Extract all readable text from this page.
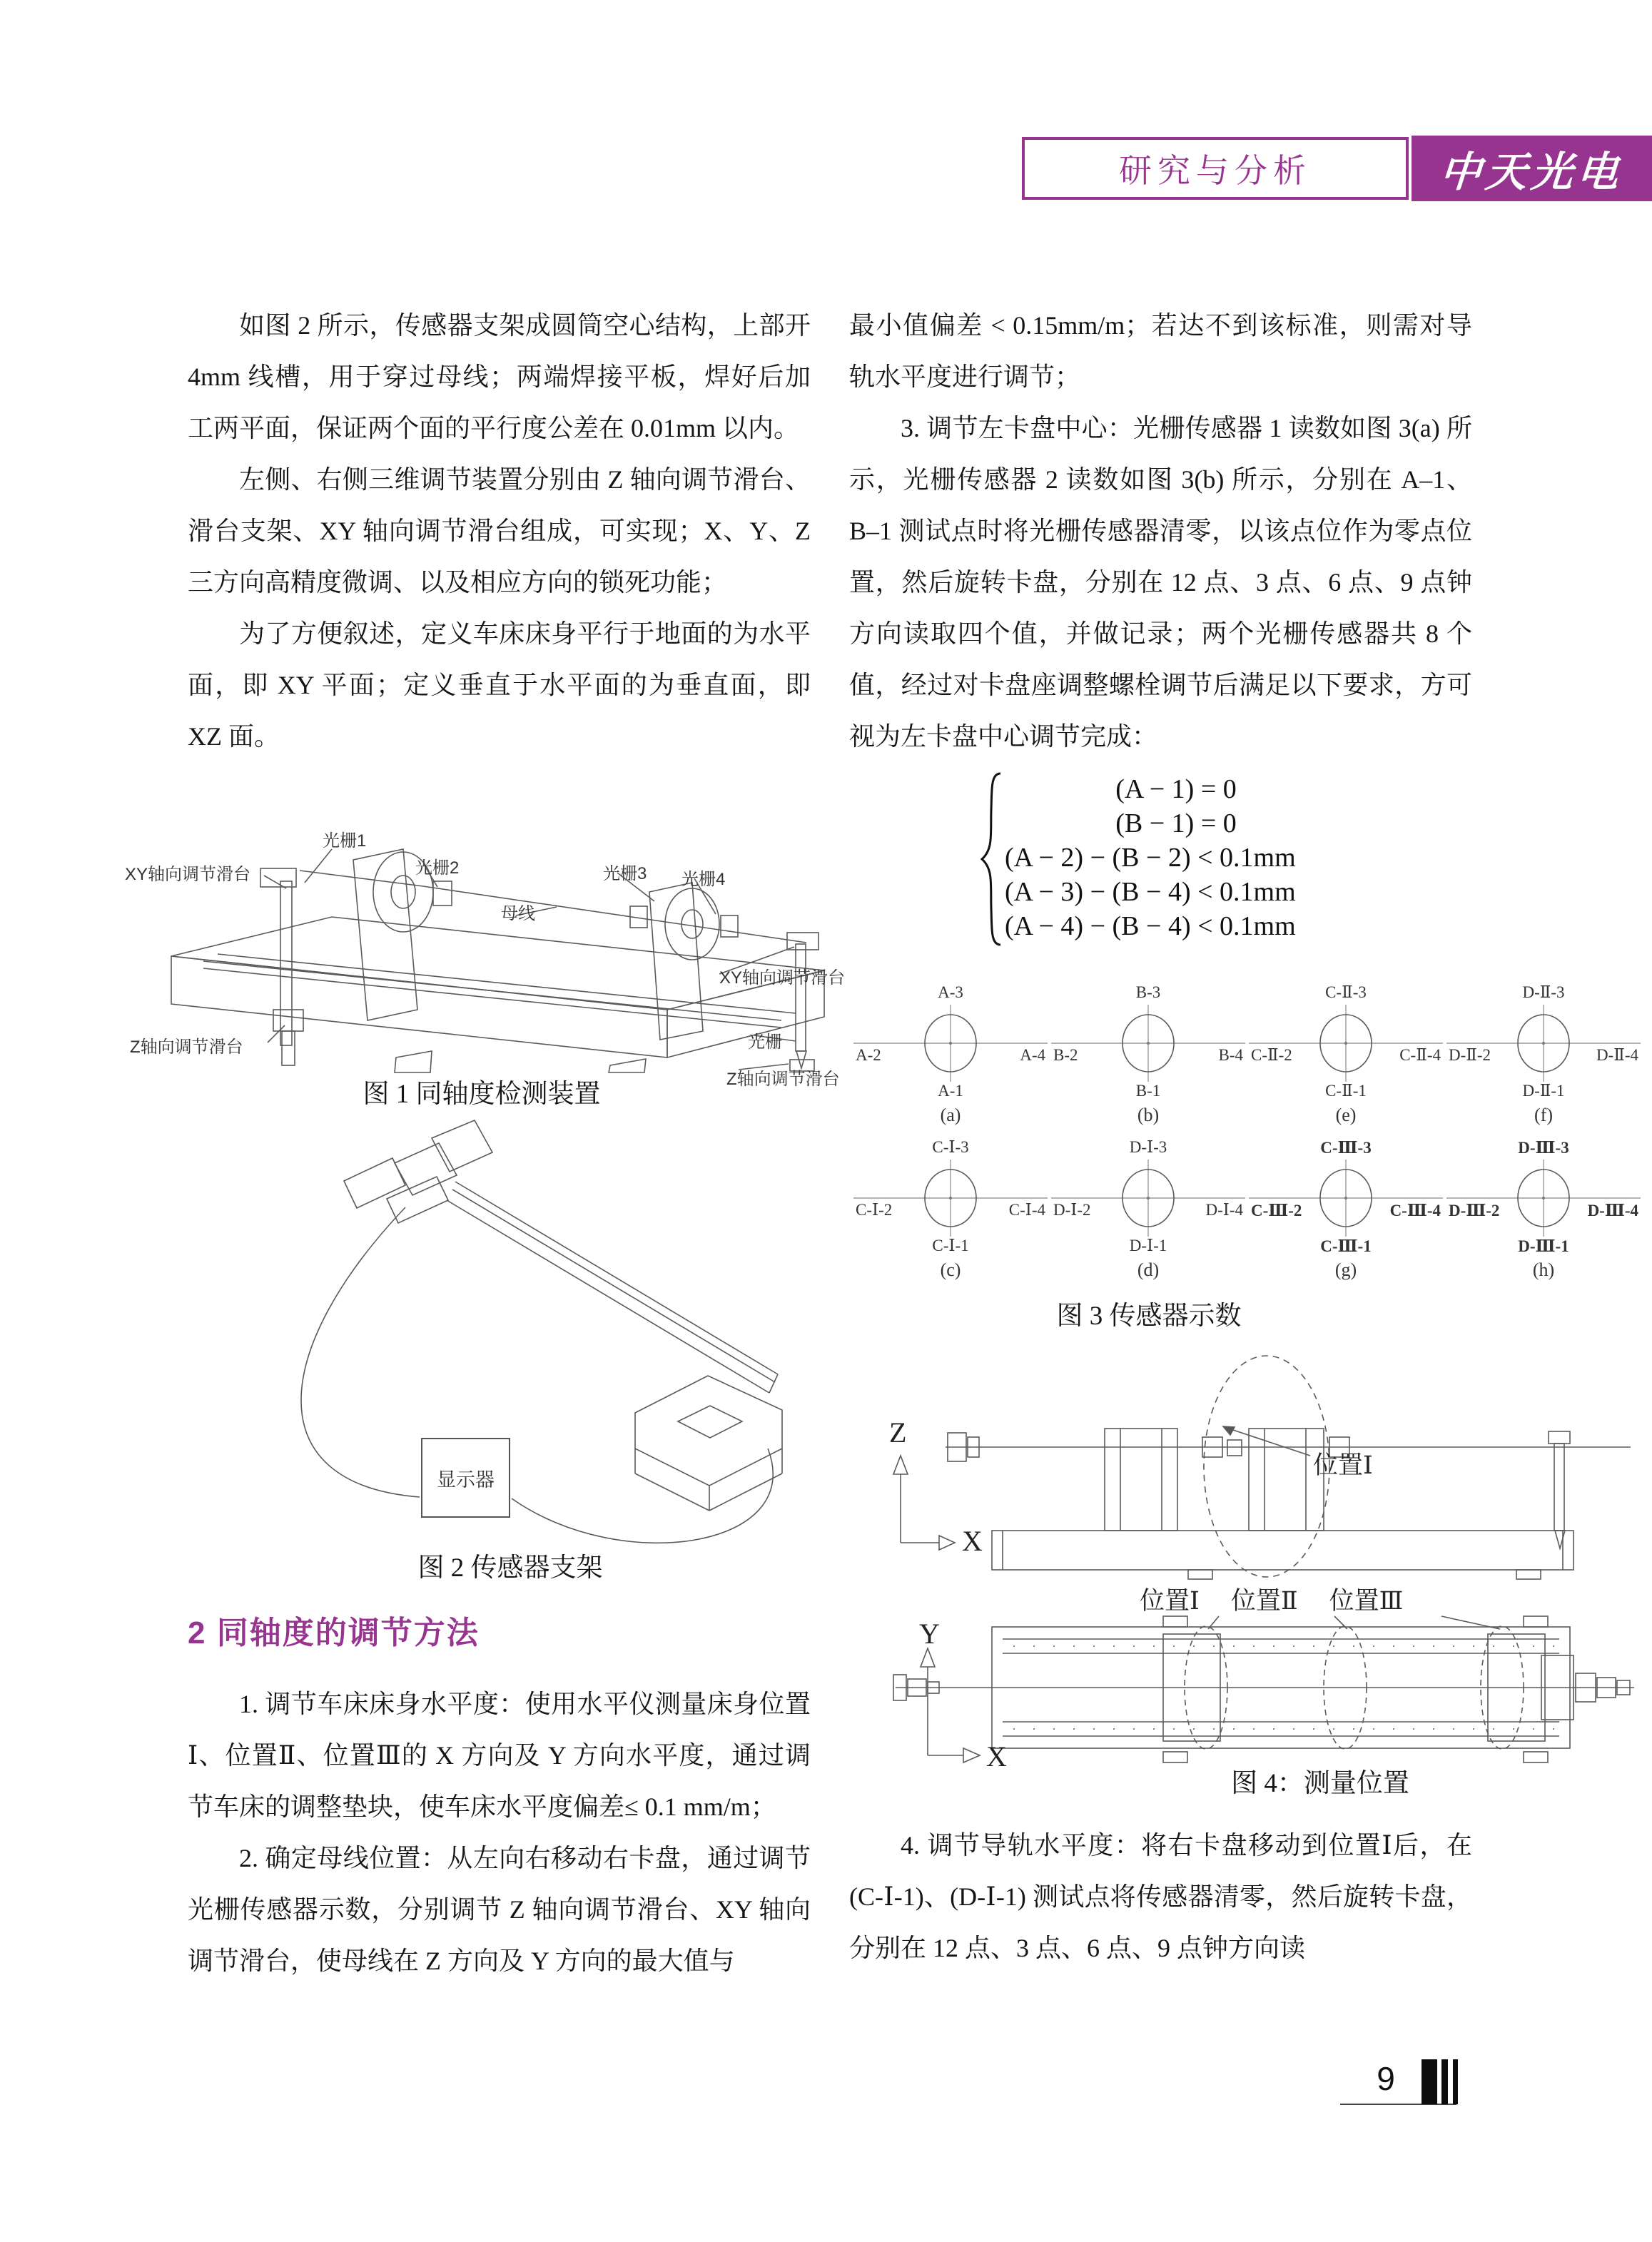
研究与分析	中天光电

如图 2 所示，传感器支架成圆筒空心结构，上部开 4mm 线槽，用于穿过母线；两端焊接平板，焊好后加工两平面，保证两个面的平行度公差在 0.01mm 以内。

左侧、右侧三维调节装置分别由 Z 轴向调节滑台、滑台支架、XY 轴向调节滑台组成，可实现；X、Y、Z 三方向高精度微调、以及相应方向的锁死功能；

为了方便叙述，定义车床床身平行于地面的为水平面，即 XY 平面；定义垂直于水平面的为垂直面，即 XZ 面。

XY轴向调节滑台
光栅1
光栅2
母线
光栅3 光栅4
XY轴向调节滑台
Z轴向调节滑台	光栅
Z轴向调节滑台
图 1 同轴度检测装置
显示器
图 2 传感器支架
2 同轴度的调节方法

1. 调节车床床身水平度：使用水平仪测量床身位置Ⅰ、位置Ⅱ、位置Ⅲ的 X 方向及 Y 方向水平度，通过调节车床的调整垫块，使车床水平度偏差≤ 0.1 mm/m；

2. 确定母线位置：从左向右移动右卡盘，通过调节光栅传感器示数，分别调节 Z 轴向调节滑台、XY 轴向调节滑台，使母线在 Z 方向及 Y 方向的最大值与

最小值偏差 < 0.15mm/m；若达不到该标准，则需对导轨水平度进行调节；

3. 调节左卡盘中心：光栅传感器 1 读数如图 3(a) 所示，光栅传感器 2 读数如图 3(b) 所示，分别在 A–1、B–1 测试点时将光栅传感器清零，以该点位作为零点位置，然后旋转卡盘，分别在 12 点、3 点、6 点、9 点钟方向读取四个值，并做记录；两个光栅传感器共 8 个值，经过对卡盘座调整螺栓调节后满足以下要求，方可视为左卡盘中心调节完成：

(A − 1) = 0
(B − 1) = 0
(A − 2) − (B − 2) < 0.1mm
(A − 3) − (B − 4) < 0.1mm
(A − 4) − (B − 4) < 0.1mm
A-3
A-2	A-4
A-1
(a)
B-3
B-2	B-4
B-1
(b)
C-Ⅱ-3
C-Ⅱ-2	C-Ⅱ-4
C-Ⅱ-1
(e)
D-Ⅱ-3
D-Ⅱ-2	D-Ⅱ-4
D-Ⅱ-1
(f)
C-Ⅰ-3
C-Ⅰ-2	C-Ⅰ-4
C-Ⅰ-1
(c)
D-Ⅰ-3
D-Ⅰ-2	D-Ⅰ-4
D-Ⅰ-1
(d)
C-Ⅲ-3
C-Ⅲ-2	C-Ⅲ-4
C-Ⅲ-1
(g)
D-Ⅲ-3
D-Ⅲ-2	D-Ⅲ-4
D-Ⅲ-1
(h)
图 3 传感器示数
Z
X
位置Ⅰ
位置Ⅰ 位置Ⅱ 位置Ⅲ
Y
X
图 4：测量位置

4. 调节导轨水平度：将右卡盘移动到位置Ⅰ后，在 (C-Ⅰ-1)、(D-Ⅰ-1) 测试点将传感器清零，然后旋转卡盘，分别在 12 点、3 点、6 点、9 点钟方向读

9
